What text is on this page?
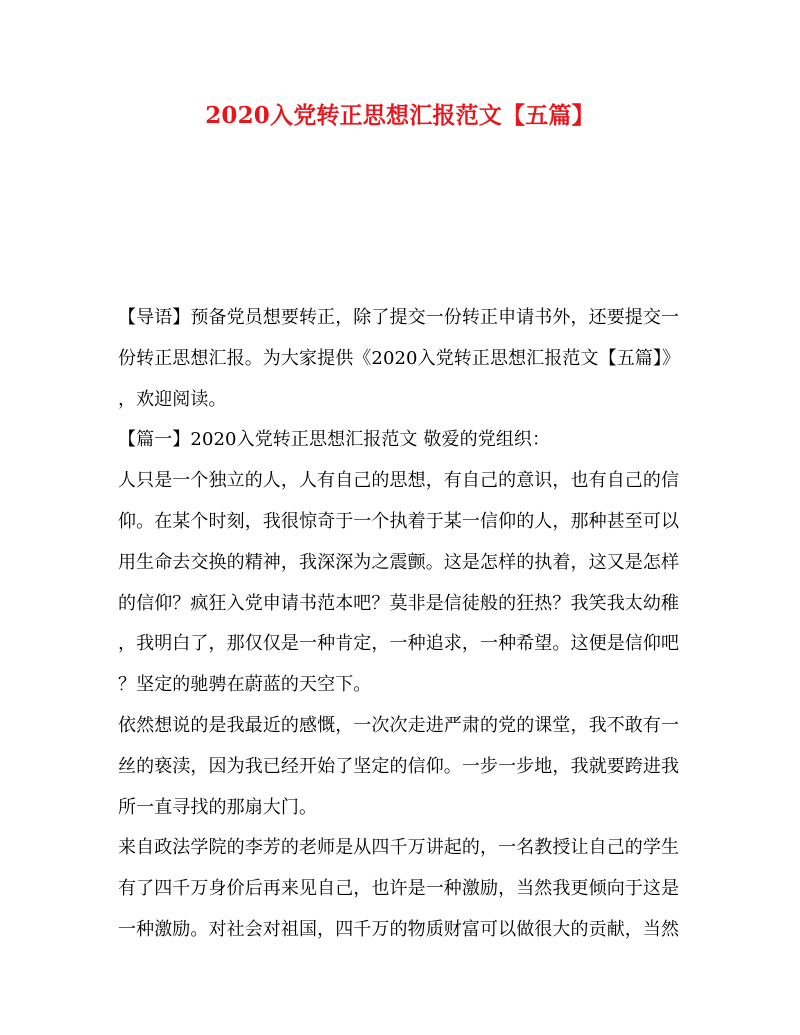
2020入党转正思想汇报范文【五篇】
【导语】预备党员想要转正，除了提交一份转正申请书外，还要提交一
份转正思想汇报。为大家提供《2020入党转正思想汇报范文【五篇】》
，欢迎阅读。
【篇一】2020入党转正思想汇报范文 敬爱的党组织：
人只是一个独立的人，人有自己的思想，有自己的意识，也有自己的信
仰。在某个时刻，我很惊奇于一个执着于某一信仰的人，那种甚至可以
用生命去交换的精神，我深深为之震颤。这是怎样的执着，这又是怎样
的信仰？疯狂入党申请书范本吧？莫非是信徒般的狂热？我笑我太幼稚
，我明白了，那仅仅是一种肯定，一种追求，一种希望。这便是信仰吧
？坚定的驰骋在蔚蓝的天空下。
依然想说的是我最近的感慨，一次次走进严肃的党的课堂，我不敢有一
丝的亵渎，因为我已经开始了坚定的信仰。一步一步地，我就要跨进我
所一直寻找的那扇大门。
来自政法学院的李芳的老师是从四千万讲起的，一名教授让自己的学生
有了四千万身价后再来见自己，也许是一种激励，当然我更倾向于这是
一种激励。对社会对祖国，四千万的物质财富可以做很大的贡献，当然
